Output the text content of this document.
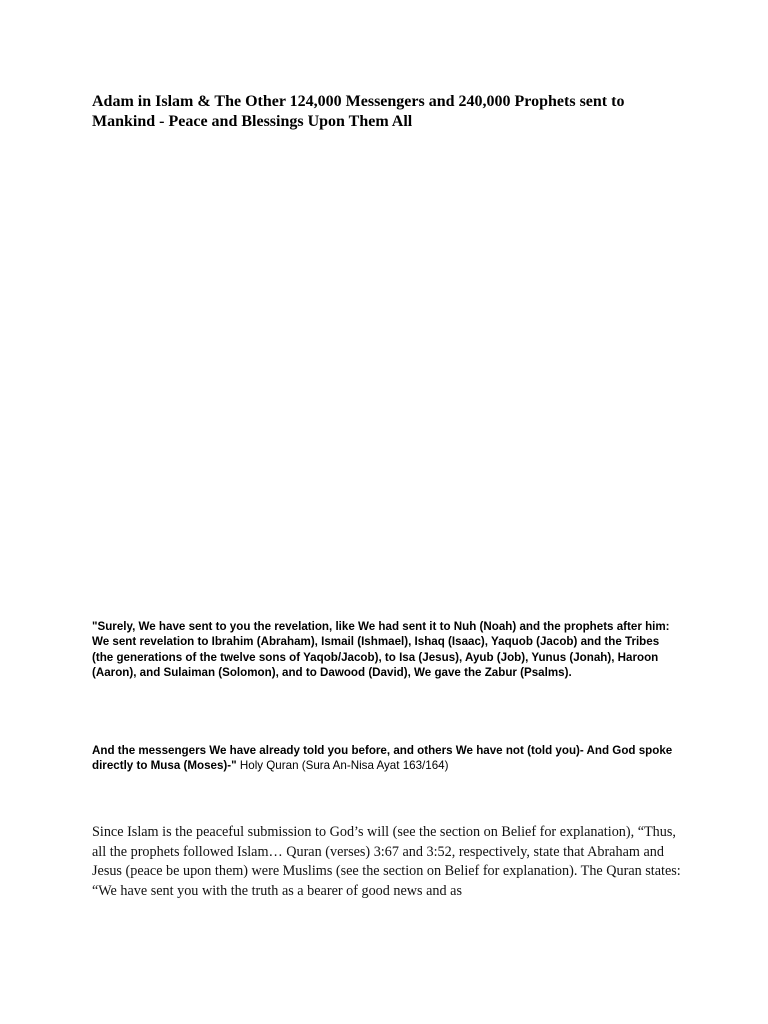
Adam in Islam & The Other 124,000 Messengers and 240,000 Prophets sent to Mankind - Peace and Blessings Upon Them All

"Surely, We have sent to you the revelation, like We had sent it to Nuh (Noah) and the prophets after him: We sent revelation to Ibrahim (Abraham), Ismail (Ishmael), Ishaq (Isaac), Yaquob (Jacob) and the Tribes (the generations of the twelve sons of Yaqob/Jacob), to Isa (Jesus), Ayub (Job), Yunus (Jonah), Haroon (Aaron), and Sulaiman (Solomon), and to Dawood (David), We gave the Zabur (Psalms).

And the messengers We have already told you before, and others We have not (told you)- And God spoke directly to Musa (Moses)-" Holy Quran (Sura An-Nisa Ayat 163/164)

Since Islam is the peaceful submission to God’s will (see the section on Belief for explanation), “Thus, all the prophets followed Islam… Quran (verses) 3:67 and 3:52, respectively, state that Abraham and Jesus (peace be upon them) were Muslims (see the section on Belief for explanation). The Quran states: “We have sent you with the truth as a bearer of good news and as
